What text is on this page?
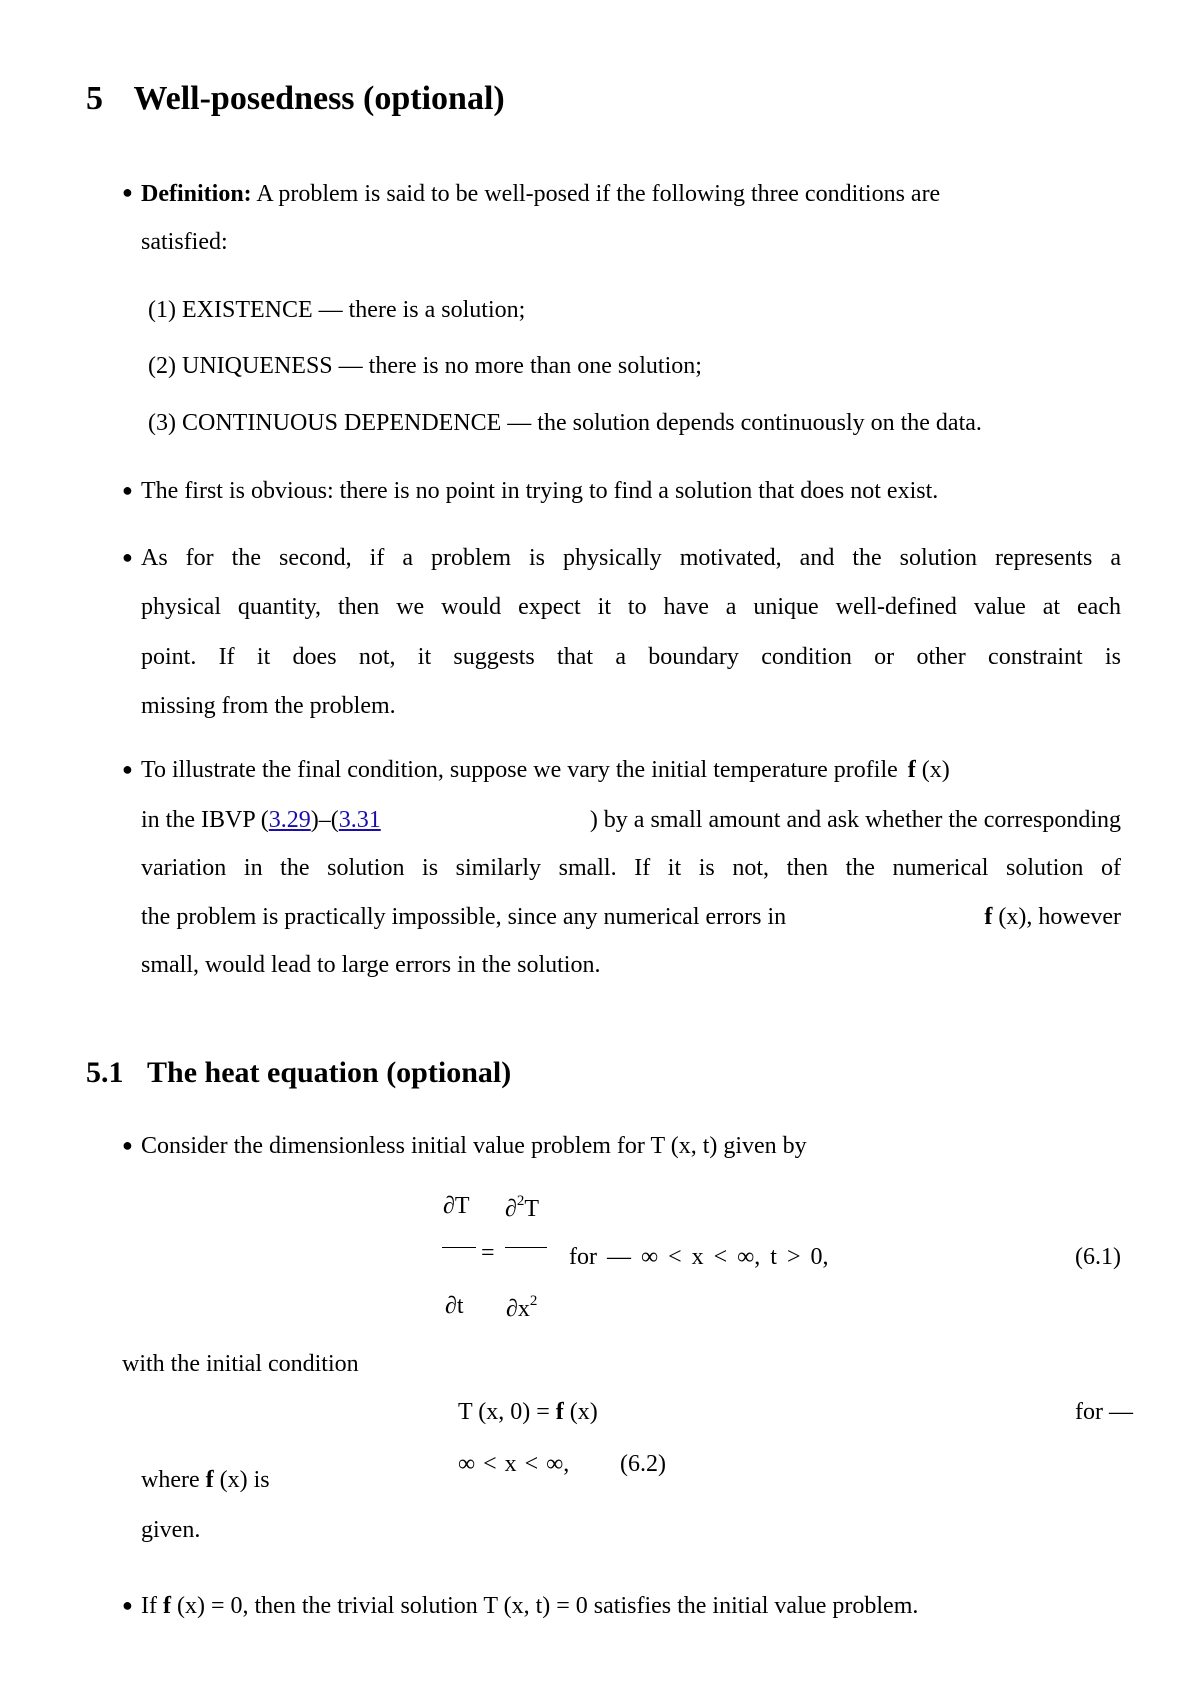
5 Well-posedness (optional)
● Definition: A problem is said to be well-posed if the following three conditions are
satisfied:
(1) EXISTENCE — there is a solution;
(2) UNIQUENESS — there is no more than one solution;
(3) CONTINUOUS DEPENDENCE — the solution depends continuously on the data.
● The first is obvious: there is no point in trying to find a solution that does not exist.
● As for the second, if a problem is physically motivated, and the solution represents a
physical quantity, then we would expect it to have a unique well-defined value at each
point. If it does not, it suggests that a boundary condition or other constraint is
missing from the problem.
● To illustrate the final condition, suppose we vary the initial temperature profile f (x)
in the IBVP (3.29)–(3.31	) by a small amount and ask whether the corresponding
variation in the solution is similarly small. If it is not, then the numerical solution of
the problem is practically impossible, since any numerical errors in	f (x), however
small, would lead to large errors in the solution.
5.1 The heat equation (optional)
● Consider the dimensionless initial value problem for T (x, t) given by
∂T ∂$^2$T
=	for — ∞ < x < ∞, t > 0,	(6.1)
∂t $\partial x^2$
with the initial condition
T (x, 0) = f (x)	for —
∞ < x < ∞, (6.2)
where f (x) is
given.
● If f (x) = 0, then the trivial solution T (x, t) = 0 satisfies the initial value problem.
